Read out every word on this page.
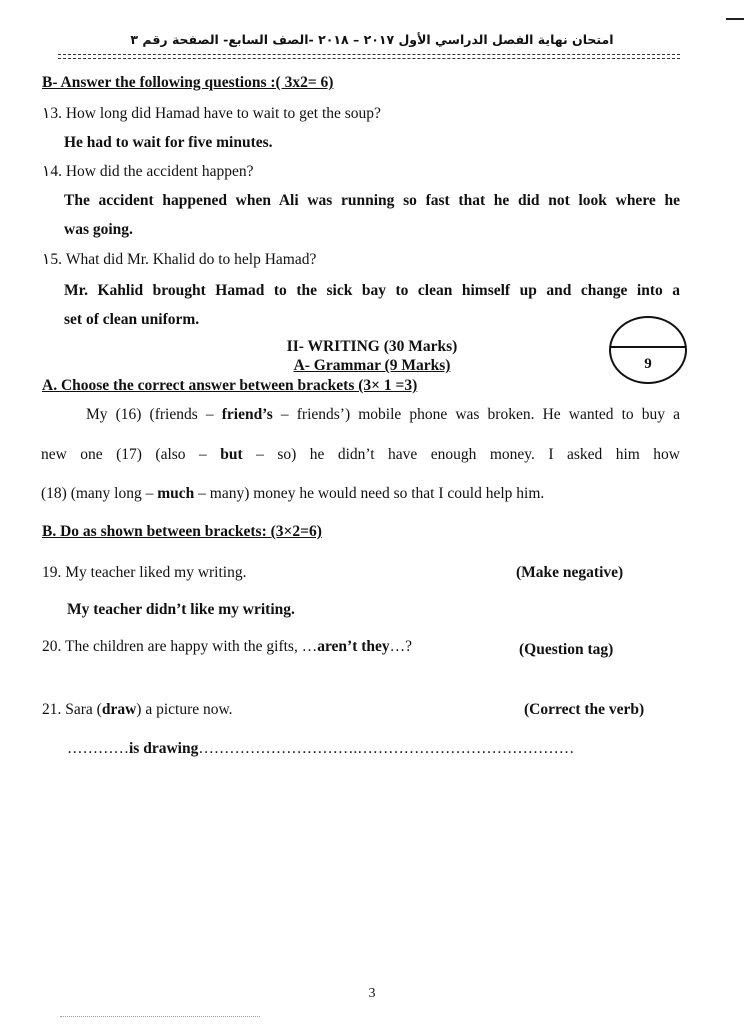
امتحان نهاية الفصل الدراسي الأول ٢٠١٧ – ٢٠١٨ -الصف السابع- الصفحة رقم ٣
B- Answer the following questions :( 3x2= 6)
١3. How long did Hamad have to wait to get the soup?
He had to wait for five minutes.
١4. How did the accident happen?
The accident happened when Ali was running so fast that he did not look where he
was going.
١5. What did Mr. Khalid do to help Hamad?
Mr. Kahlid brought Hamad to the sick bay to clean himself up and change into a
set of clean uniform.
II- WRITING (30 Marks)
A- Grammar (9 Marks)	9
A. Choose the correct answer between brackets (3× 1 =3)
My (16) (friends – friend’s – friends’) mobile phone was broken. He wanted to buy a
new one (17) (also – but – so) he didn’t have enough money. I asked him how
(18) (many long – much – many) money he would need so that I could help him.
B. Do as shown between brackets: (3×2=6)
19. My teacher liked my writing.	(Make negative)
My teacher didn’t like my writing.
20. The children are happy with the gifts, …aren’t they…?	(Question tag)
21. Sara (draw) a picture now.	(Correct the verb)
…………is drawing………………………….……………………………………
3
